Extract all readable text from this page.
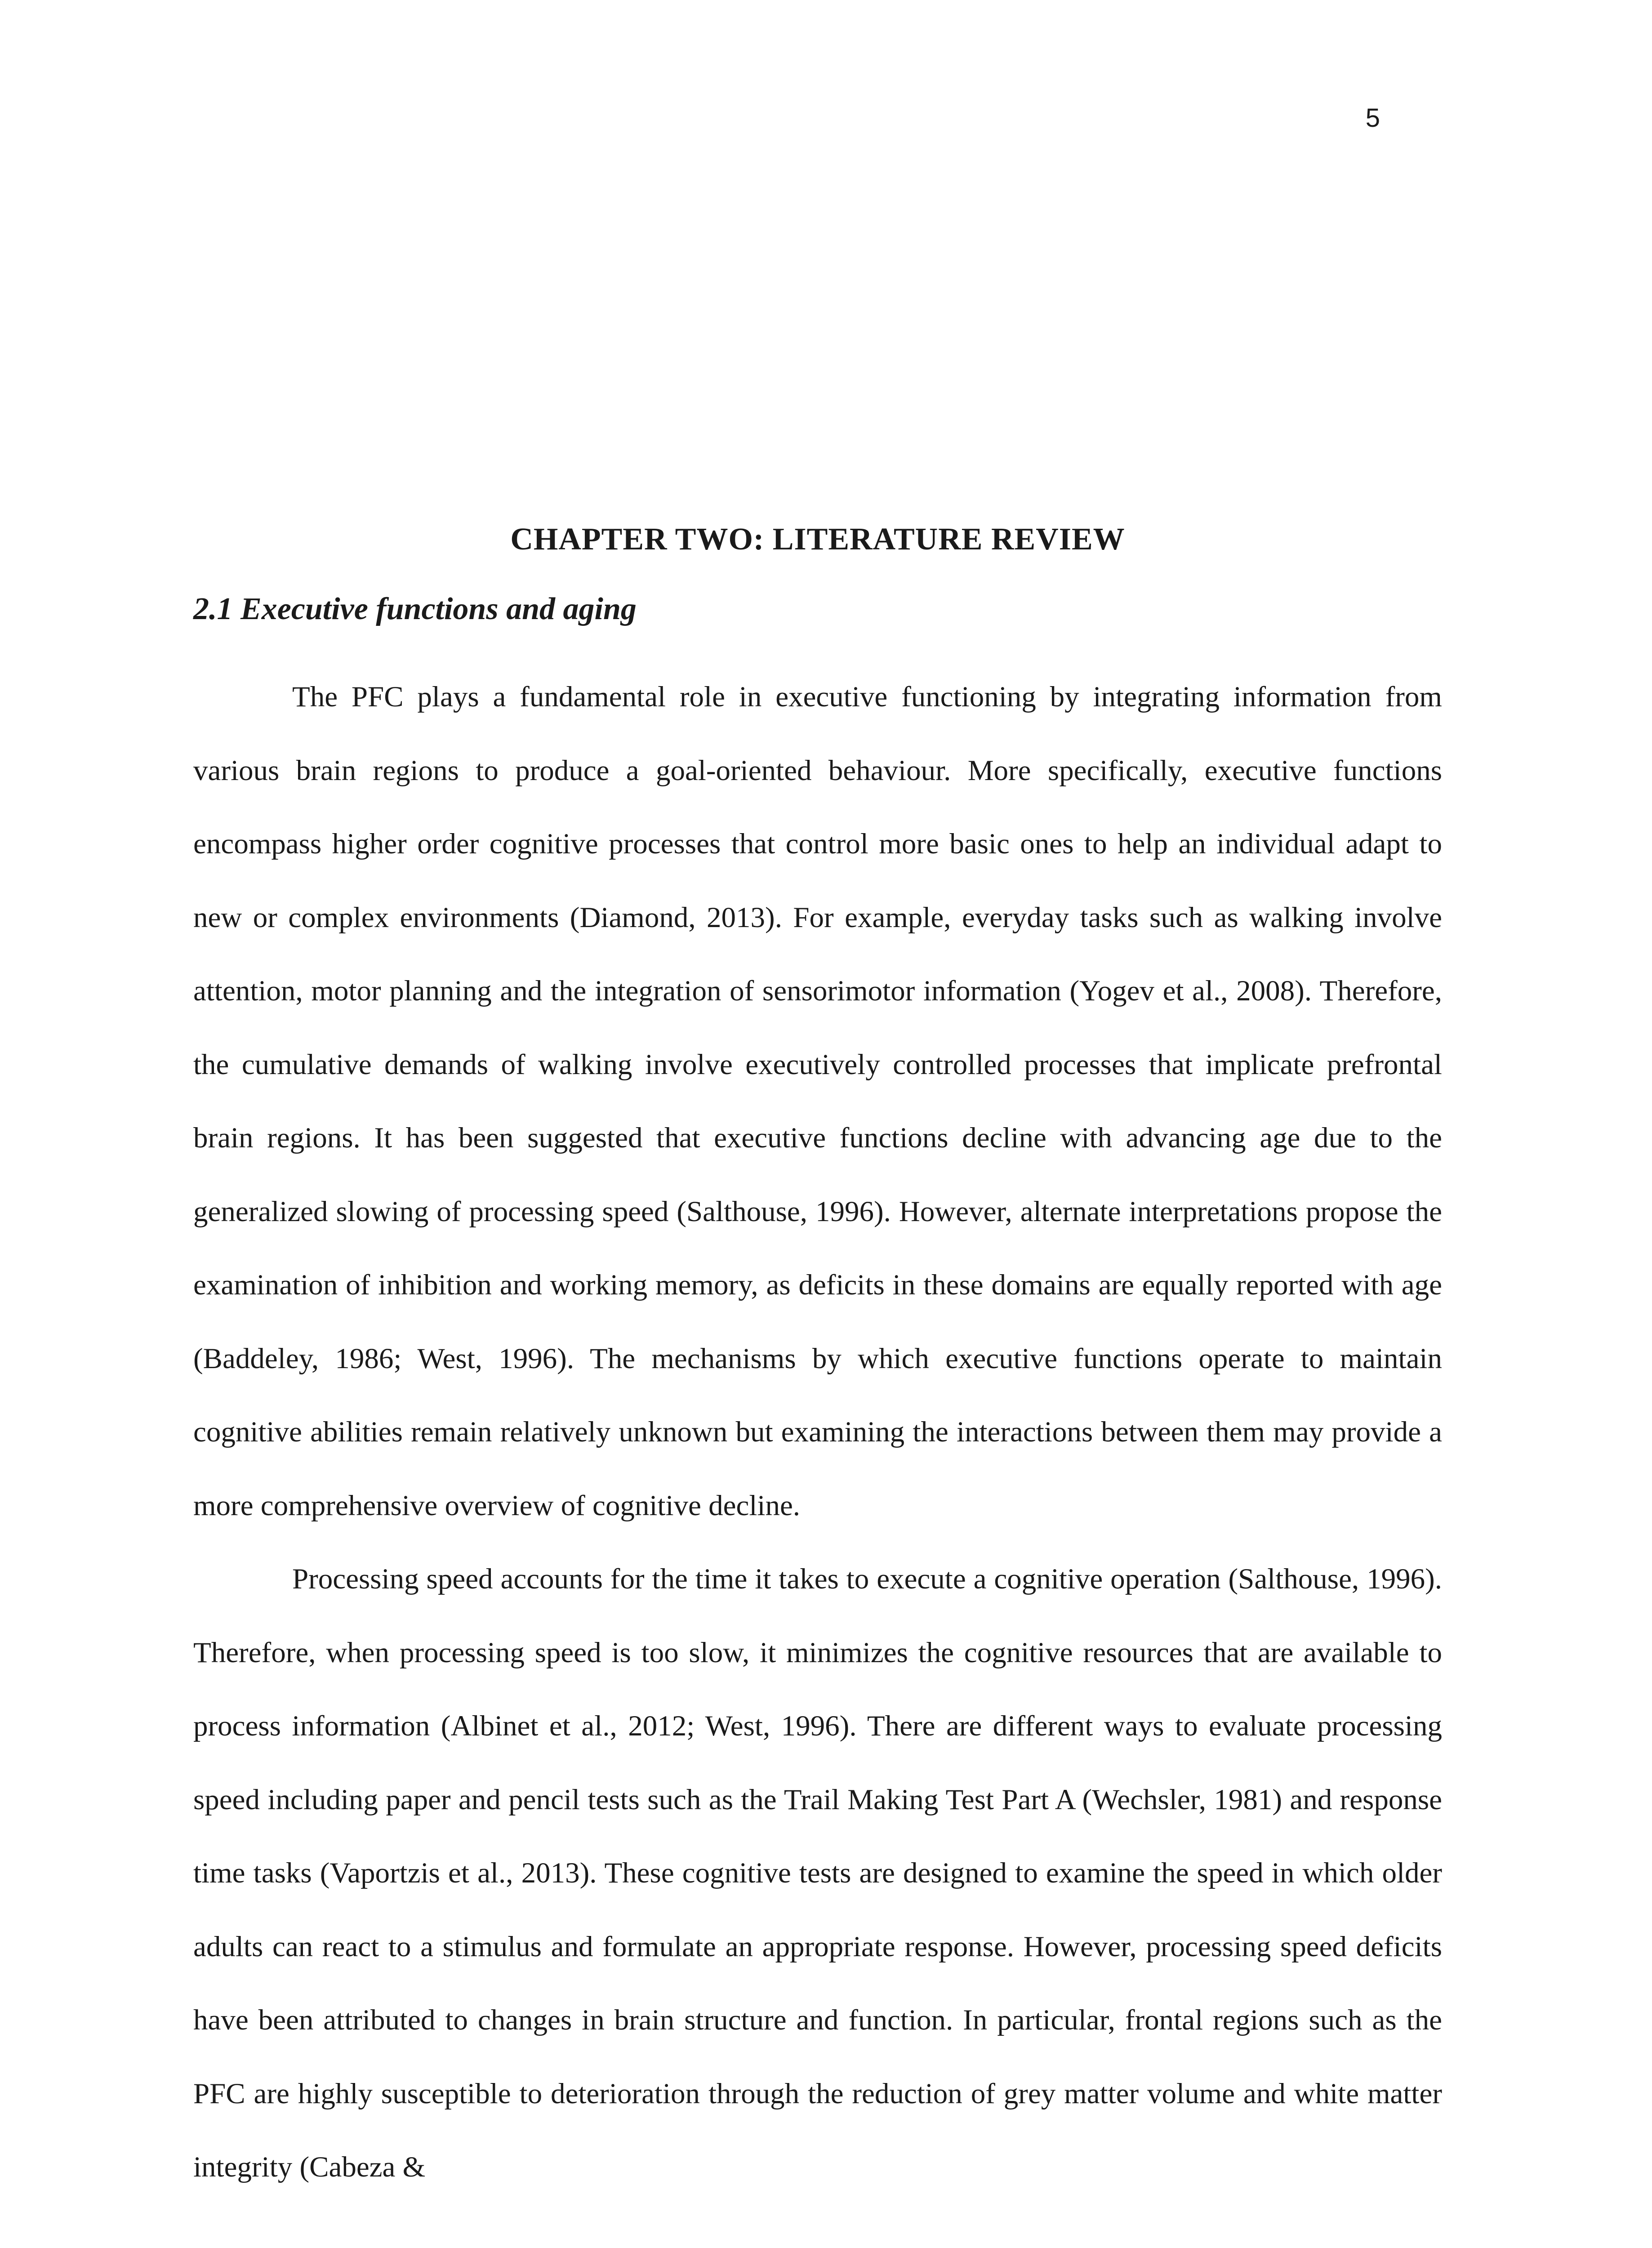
5
CHAPTER TWO: LITERATURE REVIEW
2.1 Executive functions and aging

The PFC plays a fundamental role in executive functioning by integrating information from various brain regions to produce a goal-oriented behaviour. More specifically, executive functions encompass higher order cognitive processes that control more basic ones to help an individual adapt to new or complex environments (Diamond, 2013). For example, everyday tasks such as walking involve attention, motor planning and the integration of sensorimotor information (Yogev et al., 2008). Therefore, the cumulative demands of walking involve executively controlled processes that implicate prefrontal brain regions. It has been suggested that executive functions decline with advancing age due to the generalized slowing of processing speed (Salthouse, 1996). However, alternate interpretations propose the examination of inhibition and working memory, as deficits in these domains are equally reported with age (Baddeley, 1986; West, 1996). The mechanisms by which executive functions operate to maintain cognitive abilities remain relatively unknown but examining the interactions between them may provide a more comprehensive overview of cognitive decline.

Processing speed accounts for the time it takes to execute a cognitive operation (Salthouse, 1996). Therefore, when processing speed is too slow, it minimizes the cognitive resources that are available to process information (Albinet et al., 2012; West, 1996). There are different ways to evaluate processing speed including paper and pencil tests such as the Trail Making Test Part A (Wechsler, 1981) and response time tasks (Vaportzis et al., 2013). These cognitive tests are designed to examine the speed in which older adults can react to a stimulus and formulate an appropriate response. However, processing speed deficits have been attributed to changes in brain structure and function. In particular, frontal regions such as the PFC are highly susceptible to deterioration through the reduction of grey matter volume and white matter integrity (Cabeza &
